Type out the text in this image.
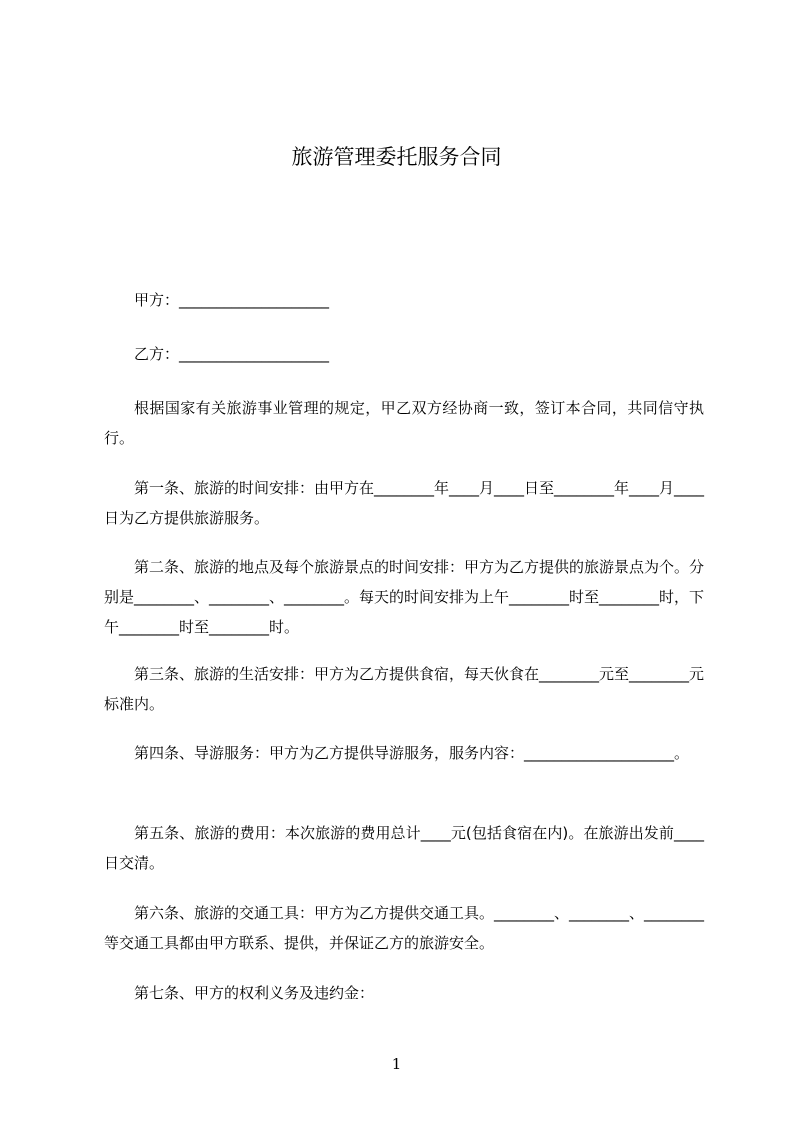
旅游管理委托服务合同

甲方：____________________

乙方：____________________

根据国家有关旅游事业管理的规定，甲乙双方经协商一致，签订本合同，共同信守执行。

第一条、旅游的时间安排：由甲方在________年____月____日至________年____月____日为乙方提供旅游服务。

第二条、旅游的地点及每个旅游景点的时间安排：甲方为乙方提供的旅游景点为个。分别是________、________、________。每天的时间安排为上午________时至________时，下午________时至________时。

第三条、旅游的生活安排：甲方为乙方提供食宿，每天伙食在________元至________元标准内。

第四条、导游服务：甲方为乙方提供导游服务，服务内容：____________________。

第五条、旅游的费用：本次旅游的费用总计____元(包括食宿在内)。在旅游出发前____日交清。

第六条、旅游的交通工具：甲方为乙方提供交通工具。________、________、________等交通工具都由甲方联系、提供，并保证乙方的旅游安全。

第七条、甲方的权利义务及违约金：

1
